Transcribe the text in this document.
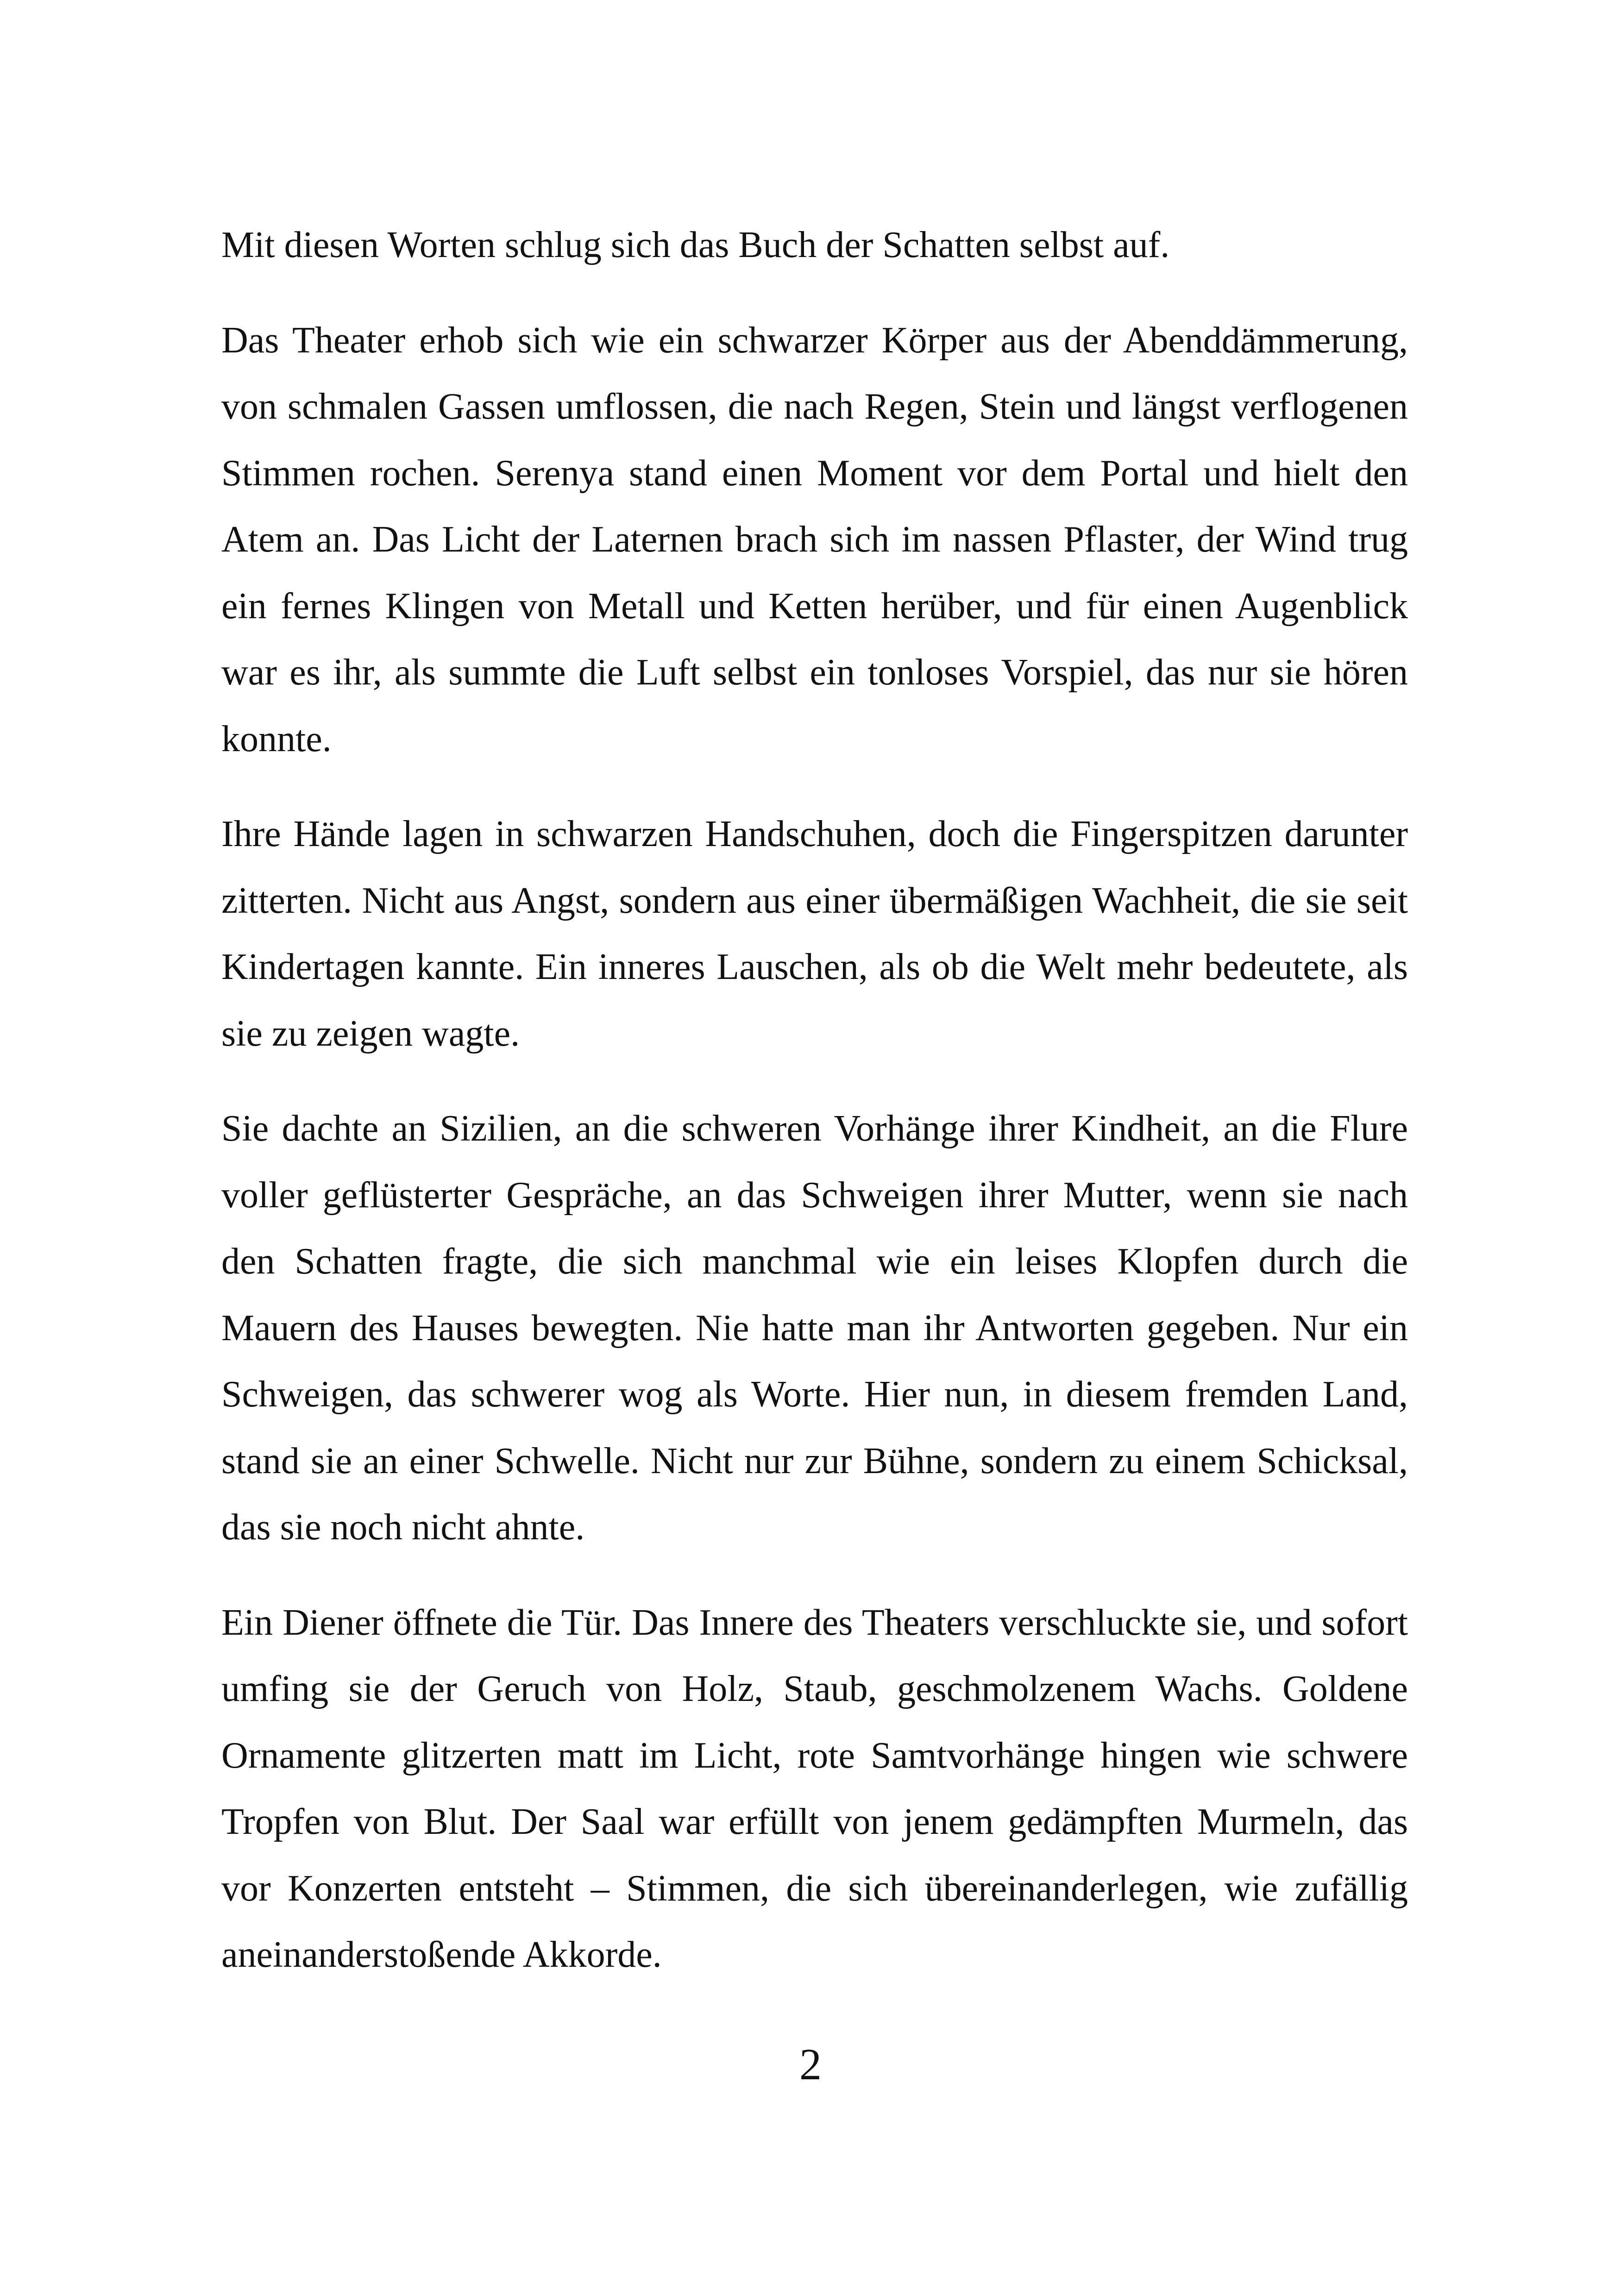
Mit diesen Worten schlug sich das Buch der Schatten selbst auf.

Das Theater erhob sich wie ein schwarzer Körper aus der Abenddämmerung, von schmalen Gassen umflossen, die nach Regen, Stein und längst verflogenen Stimmen rochen. Serenya stand einen Moment vor dem Portal und hielt den Atem an. Das Licht der Laternen brach sich im nassen Pflaster, der Wind trug ein fernes Klingen von Metall und Ketten herüber, und für einen Augenblick war es ihr, als summte die Luft selbst ein tonloses Vorspiel, das nur sie hören konnte.

Ihre Hände lagen in schwarzen Handschuhen, doch die Fingerspitzen darunter zitterten. Nicht aus Angst, sondern aus einer übermäßigen Wachheit, die sie seit Kindertagen kannte. Ein inneres Lauschen, als ob die Welt mehr bedeutete, als sie zu zeigen wagte.

Sie dachte an Sizilien, an die schweren Vorhänge ihrer Kindheit, an die Flure voller geflüsterter Gespräche, an das Schweigen ihrer Mutter, wenn sie nach den Schatten fragte, die sich manchmal wie ein leises Klopfen durch die Mauern des Hauses bewegten. Nie hatte man ihr Antworten gegeben. Nur ein Schweigen, das schwerer wog als Worte. Hier nun, in diesem fremden Land, stand sie an einer Schwelle. Nicht nur zur Bühne, sondern zu einem Schicksal, das sie noch nicht ahnte.

Ein Diener öffnete die Tür. Das Innere des Theaters verschluckte sie, und sofort umfing sie der Geruch von Holz, Staub, geschmolzenem Wachs. Goldene Ornamente glitzerten matt im Licht, rote Samtvorhänge hingen wie schwere Tropfen von Blut. Der Saal war erfüllt von jenem gedämpften Murmeln, das vor Konzerten entsteht – Stimmen, die sich übereinanderlegen, wie zufällig aneinanderstoßende Akkorde.

2
